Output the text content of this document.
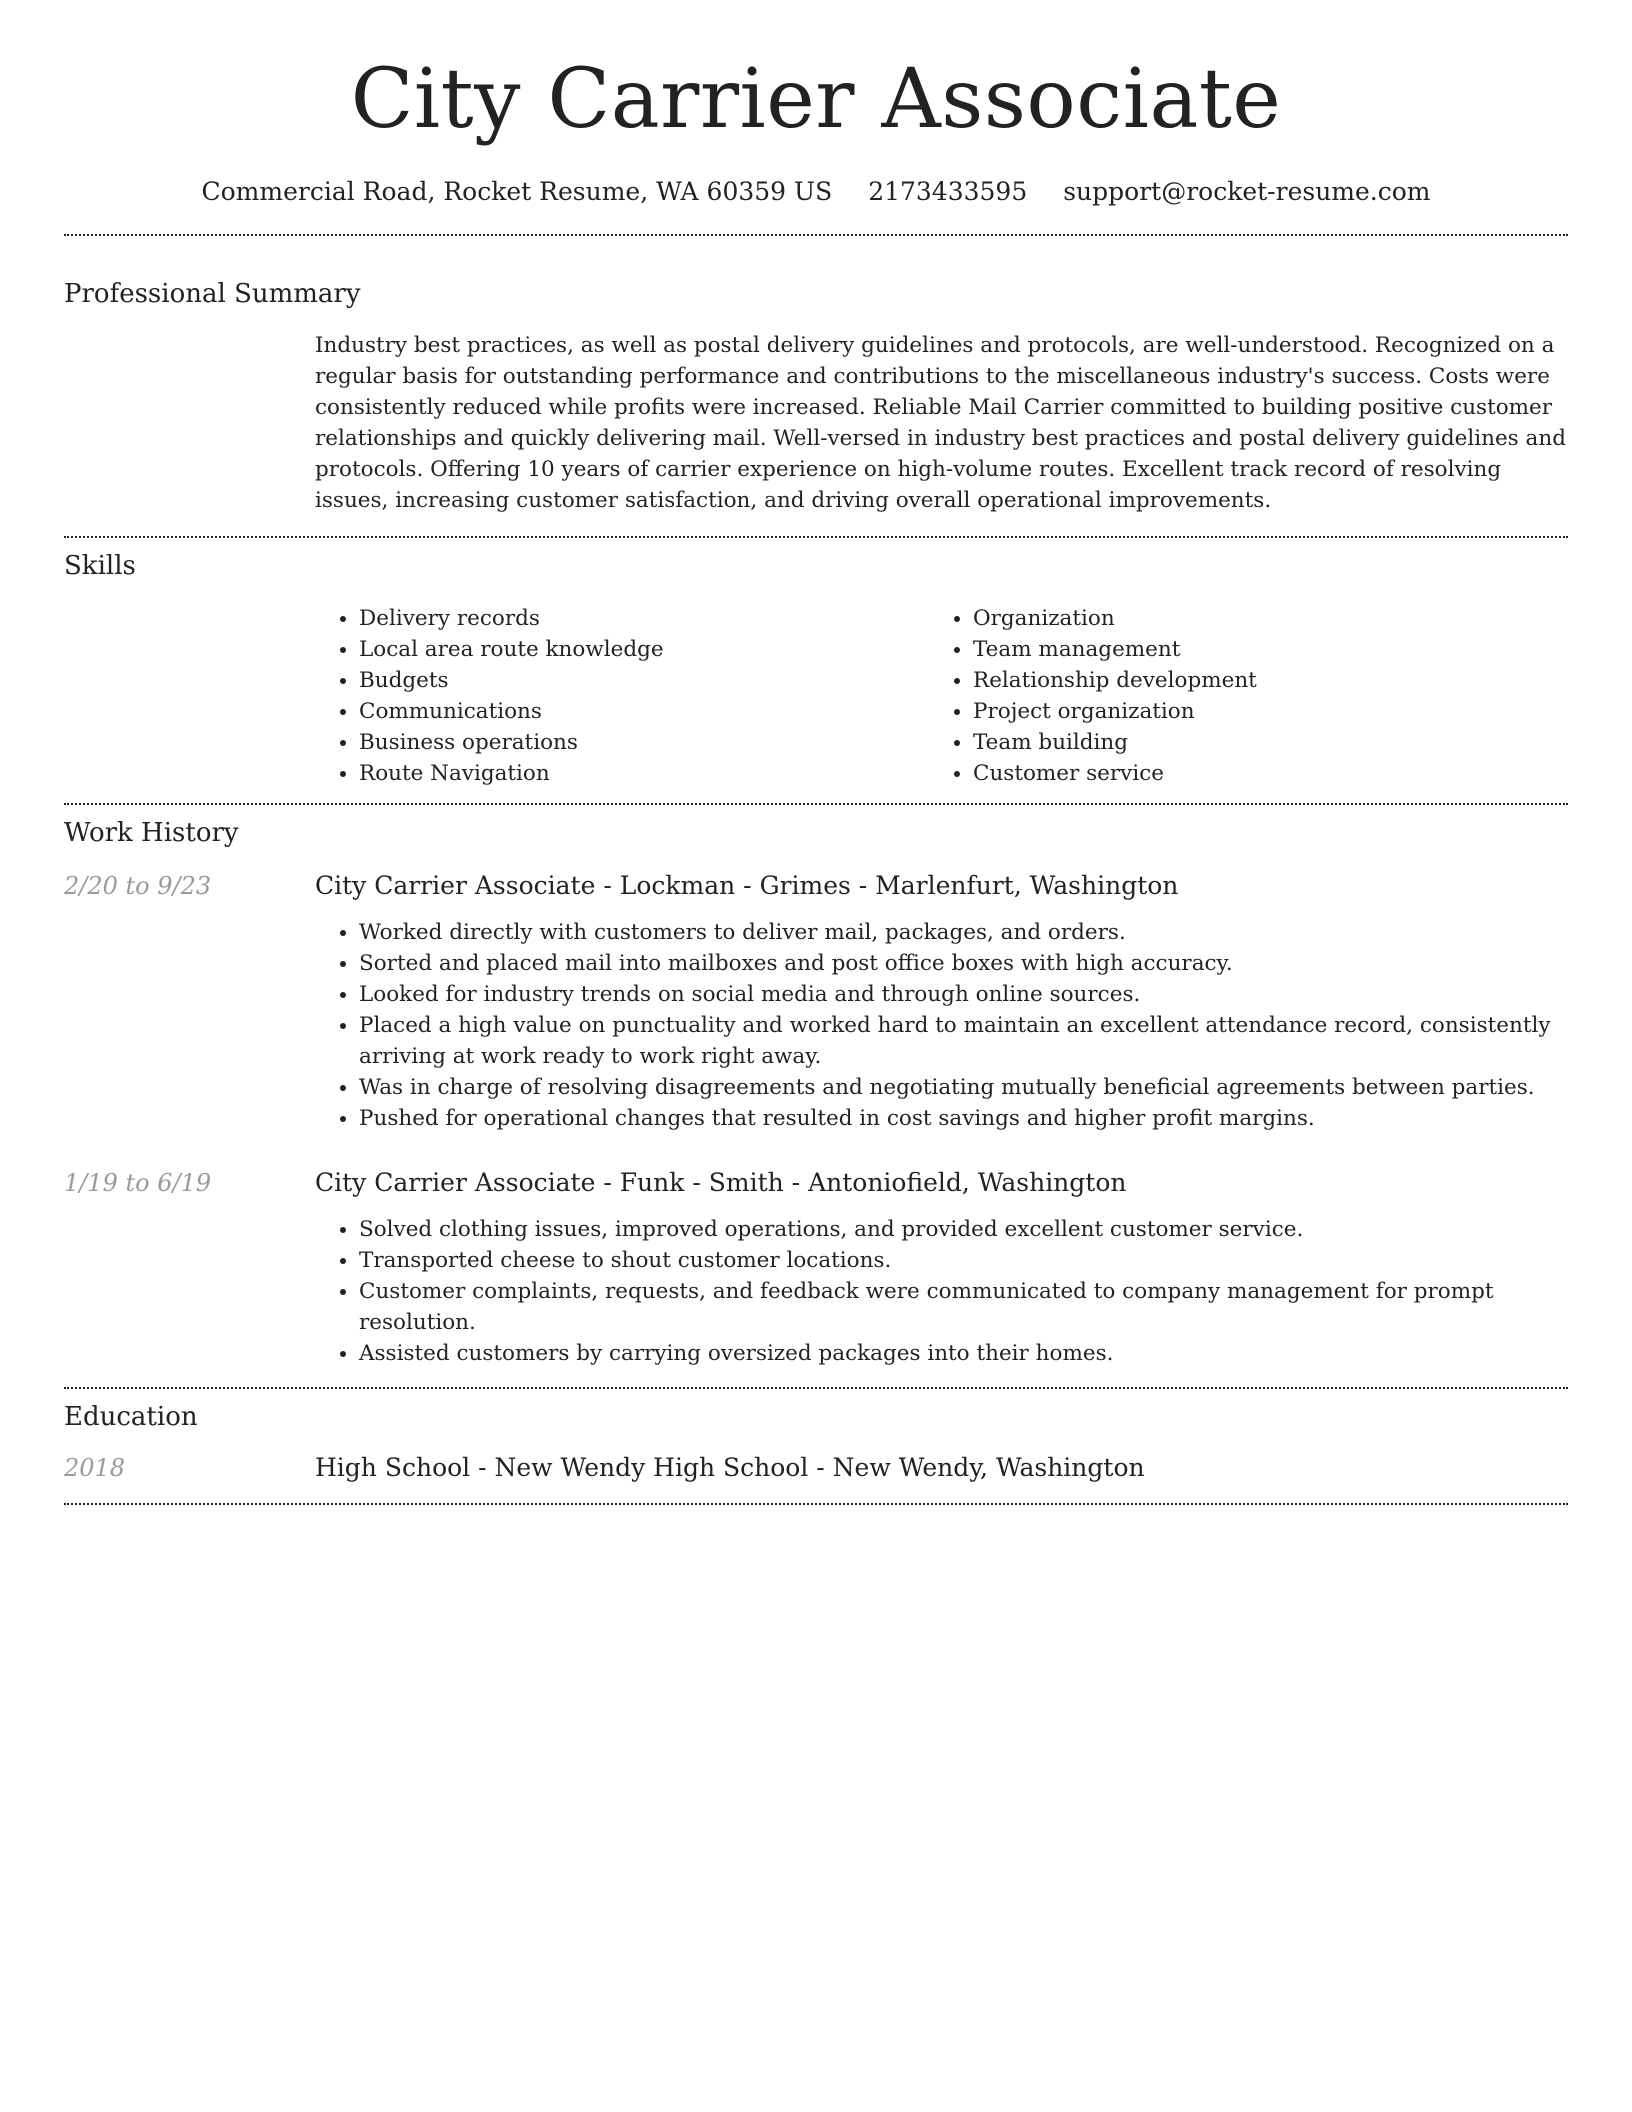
City Carrier Associate
Commercial Road, Rocket Resume, WA 60359 US 2173433595 support@rocket-resume.com
Professional Summary
Industry best practices, as well as postal delivery guidelines and protocols, are well-understood. Recognized on a regular basis for outstanding performance and contributions to the miscellaneous industry's success. Costs were consistently reduced while profits were increased. Reliable Mail Carrier committed to building positive customer relationships and quickly delivering mail. Well-versed in industry best practices and postal delivery guidelines and protocols. Offering 10 years of carrier experience on high-volume routes. Excellent track record of resolving issues, increasing customer satisfaction, and driving overall operational improvements.
Skills
• Delivery records
• Local area route knowledge
• Budgets
• Communications
• Business operations
• Route Navigation
• Organization
• Team management
• Relationship development
• Project organization
• Team building
• Customer service
Work History
2/20 to 9/23	City Carrier Associate - Lockman - Grimes - Marlenfurt, Washington
• Worked directly with customers to deliver mail, packages, and orders.
• Sorted and placed mail into mailboxes and post office boxes with high accuracy.
• Looked for industry trends on social media and through online sources.
• Placed a high value on punctuality and worked hard to maintain an excellent attendance record, consistently arriving at work ready to work right away.
• Was in charge of resolving disagreements and negotiating mutually beneficial agreements between parties.
• Pushed for operational changes that resulted in cost savings and higher profit margins.
1/19 to 6/19	City Carrier Associate - Funk - Smith - Antoniofield, Washington
• Solved clothing issues, improved operations, and provided excellent customer service.
• Transported cheese to shout customer locations.
• Customer complaints, requests, and feedback were communicated to company management for prompt resolution.
• Assisted customers by carrying oversized packages into their homes.
Education
2018	High School - New Wendy High School - New Wendy, Washington
